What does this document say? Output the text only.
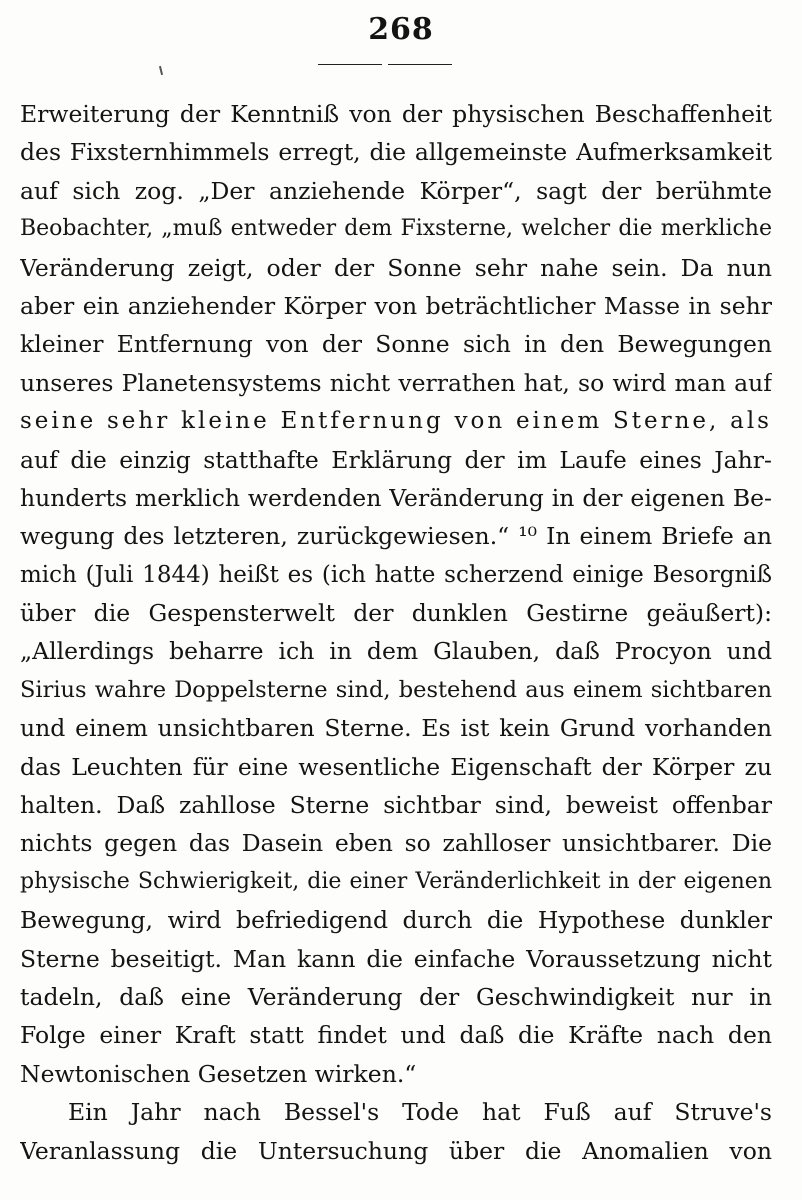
268
Erweiterung der Kenntniß von der physischen Beschaffenheit
des Fixsternhimmels erregt, die allgemeinste Aufmerksamkeit
auf sich zog. „Der anziehende Körper“, sagt der berühmte
Beobachter, „muß entweder dem Fixsterne, welcher die merkliche
Veränderung zeigt, oder der Sonne sehr nahe sein. Da nun
aber ein anziehender Körper von beträchtlicher Masse in sehr
kleiner Entfernung von der Sonne sich in den Bewegungen
unseres Planetensystems nicht verrathen hat, so wird man auf
seine sehr kleine Entfernung von einem Sterne, als
auf die einzig statthafte Erklärung der im Laufe eines Jahr-
hunderts merklich werdenden Veränderung in der eigenen Be-
wegung des letzteren, zurückgewiesen.“ ¹⁰ In einem Briefe an
mich (Juli 1844) heißt es (ich hatte scherzend einige Besorgniß
über die Gespensterwelt der dunklen Gestirne geäußert):
„Allerdings beharre ich in dem Glauben, daß Procyon und
Sirius wahre Doppelsterne sind, bestehend aus einem sichtbaren
und einem unsichtbaren Sterne. Es ist kein Grund vorhanden
das Leuchten für eine wesentliche Eigenschaft der Körper zu
halten. Daß zahllose Sterne sichtbar sind, beweist offenbar
nichts gegen das Dasein eben so zahlloser unsichtbarer. Die
physische Schwierigkeit, die einer Veränderlichkeit in der eigenen
Bewegung, wird befriedigend durch die Hypothese dunkler
Sterne beseitigt. Man kann die einfache Voraussetzung nicht
tadeln, daß eine Veränderung der Geschwindigkeit nur in
Folge einer Kraft statt findet und daß die Kräfte nach den
Newtonischen Gesetzen wirken.“
Ein Jahr nach Bessel's Tode hat Fuß auf Struve's
Veranlassung die Untersuchung über die Anomalien von
